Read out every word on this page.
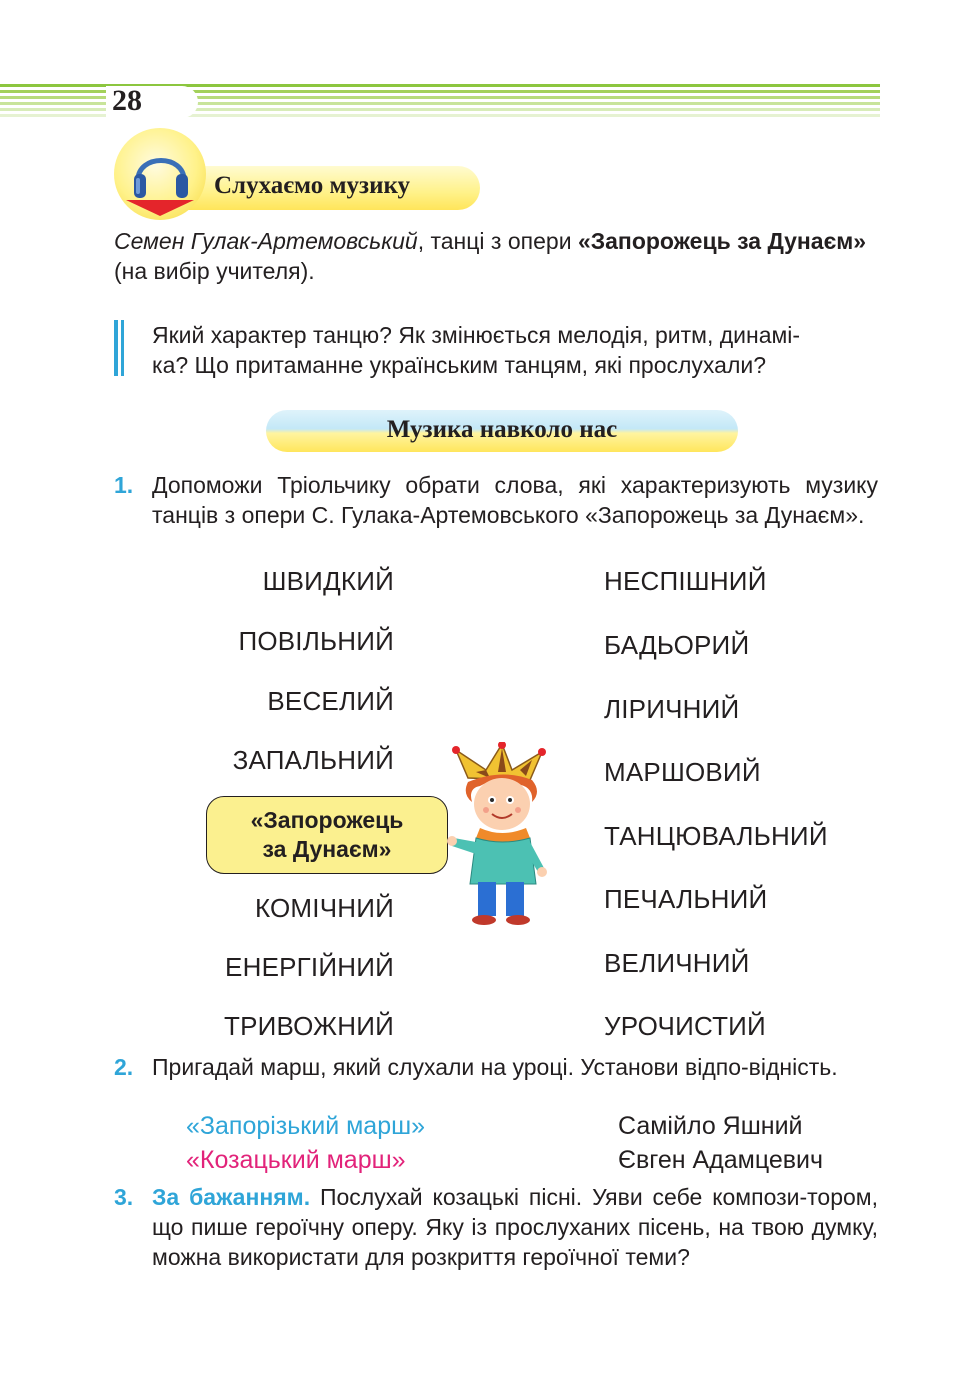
28
Слухаємо музику
Семен Гулак-Артемовський, танці з опери «Запорожець за Дунаєм» (на вибір учителя).
Який характер танцю? Як змінюється мелодія, ритм, динамі-
ка? Що притаманне українським танцям, які прослухали?
Музика навколо нас
1. Допоможи Тріольчику обрати слова, які характеризують музику танців з опери С. Гулака-Артемовського «Запорожець за Дунаєм».
ШВИДКИЙ
ПОВІЛЬНИЙ
ВЕСЕЛИЙ
ЗАПАЛЬНИЙ
КОМІЧНИЙ
ЕНЕРГІЙНИЙ
ТРИВОЖНИЙ
НЕСПІШНИЙ
БАДЬОРИЙ
ЛІРИЧНИЙ
МАРШОВИЙ
ТАНЦЮВАЛЬНИЙ
ПЕЧАЛЬНИЙ
ВЕЛИЧНИЙ
УРОЧИСТИЙ
«Запорожець
за Дунаєм»
2. Пригадай марш, який слухали на уроці. Установи відпо-відність.
«Запорізький марш»
«Козацький марш»
Самійло Яшний
Євген Адамцевич
3. За бажанням. Послухай козацькі пісні. Уяви себе компози-тором, що пише героїчну оперу. Яку із прослуханих пісень, на твою думку, можна використати для розкриття героїчної теми?
